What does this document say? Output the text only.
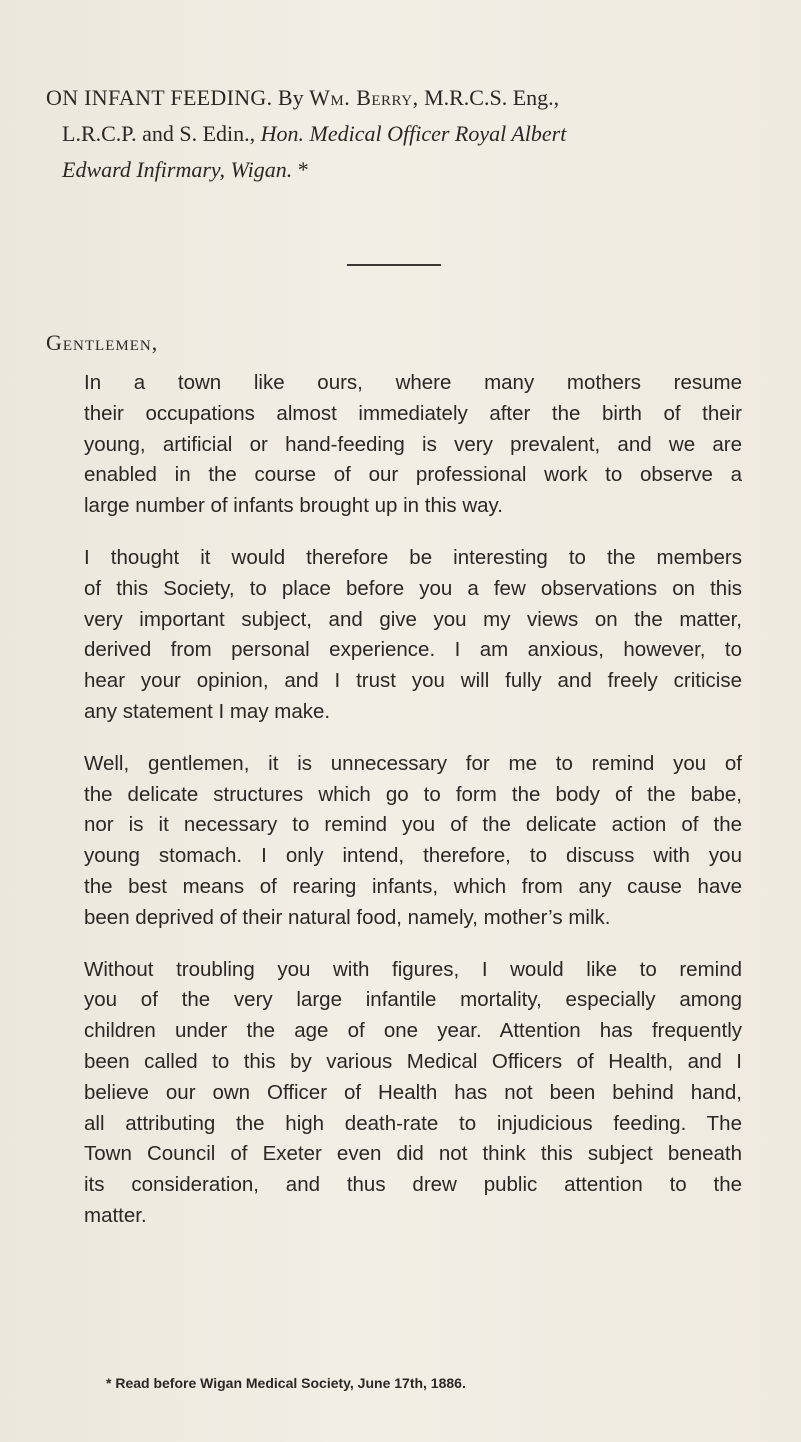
ON INFANT FEEDING. By Wm. Berry, M.R.C.S. Eng.,
L.R.C.P. and S. Edin., Hon. Medical Officer Royal Albert
Edward Infirmary, Wigan. *
Gentlemen,
In a town like ours, where many mothers resume
their occupations almost immediately after the birth of their
young, artificial or hand-feeding is very prevalent, and we are
enabled in the course of our professional work to observe a
large number of infants brought up in this way.
I thought it would therefore be interesting to the members
of this Society, to place before you a few observations on this
very important subject, and give you my views on the matter,
derived from personal experience. I am anxious, however, to
hear your opinion, and I trust you will fully and freely criticise
any statement I may make.
Well, gentlemen, it is unnecessary for me to remind you of
the delicate structures which go to form the body of the babe,
nor is it necessary to remind you of the delicate action of the
young stomach. I only intend, therefore, to discuss with you
the best means of rearing infants, which from any cause have
been deprived of their natural food, namely, mother’s milk.
Without troubling you with figures, I would like to remind
you of the very large infantile mortality, especially among
children under the age of one year. Attention has frequently
been called to this by various Medical Officers of Health, and I
believe our own Officer of Health has not been behind hand,
all attributing the high death-rate to injudicious feeding. The
Town Council of Exeter even did not think this subject beneath
its consideration, and thus drew public attention to the
matter.
* Read before Wigan Medical Society, June 17th, 1886.
